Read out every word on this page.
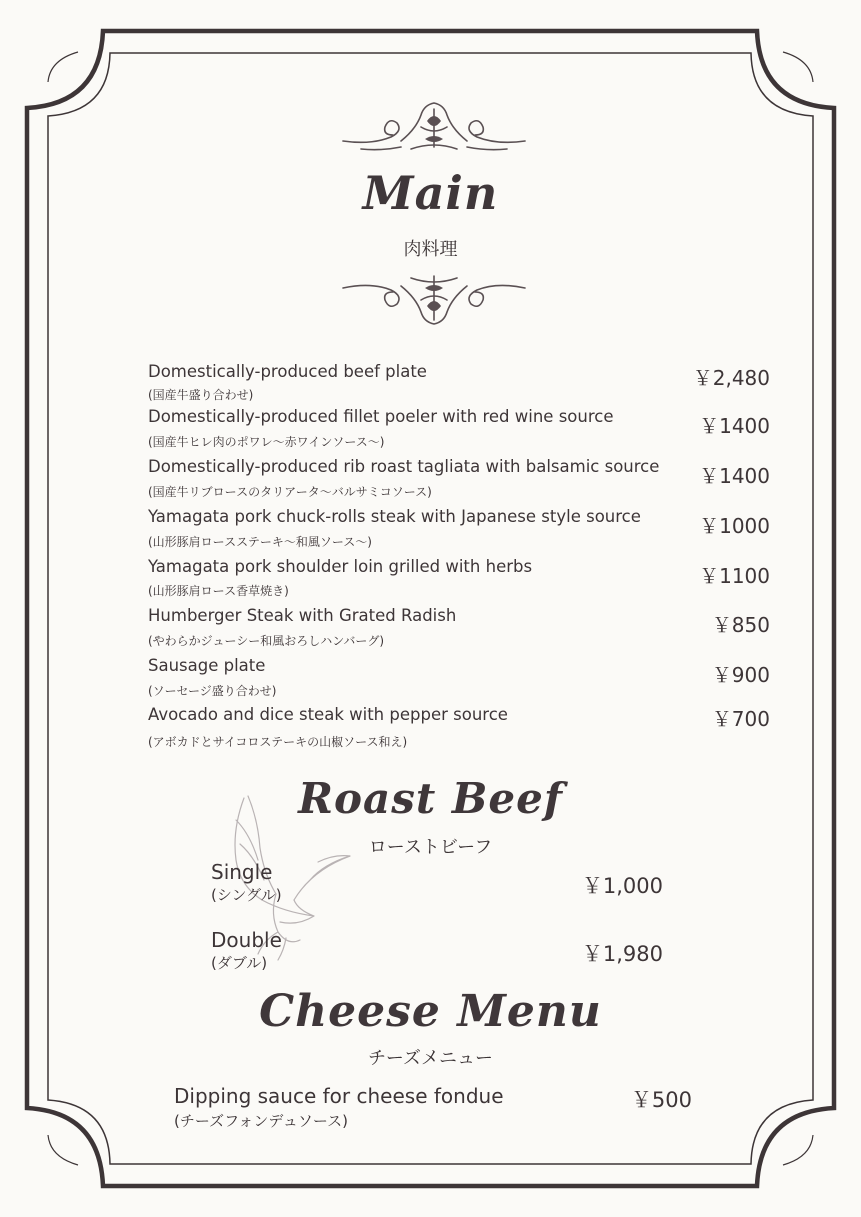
Main
肉料理
Domestically-produced beef plate
(国産牛盛り合わせ)
￥2,480
Domestically-produced fillet poeler with red wine source
(国産牛ヒレ肉のポワレ～赤ワインソース～)
￥1400
Domestically-produced rib roast tagliata with balsamic source
(国産牛リブロースのタリアータ～バルサミコソース)
￥1400
Yamagata pork chuck-rolls steak with Japanese style source
(山形豚肩ロースステーキ～和風ソース～)
￥1000
Yamagata pork shoulder loin grilled with herbs
(山形豚肩ロース香草焼き)
￥1100
Humberger Steak with Grated Radish
(やわらかジューシー和風おろしハンバーグ)
￥850
Sausage plate
(ソーセージ盛り合わせ)
￥900
Avocado and dice steak with pepper source
(アボカドとサイコロステーキの山椒ソース和え)
￥700
Roast Beef
ローストビーフ
Single
(シングル)	￥1,000
Double
(ダブル)	￥1,980
Cheese Menu
チーズメニュー
Dipping sauce for cheese fondue
(チーズフォンデュソース)
￥500
